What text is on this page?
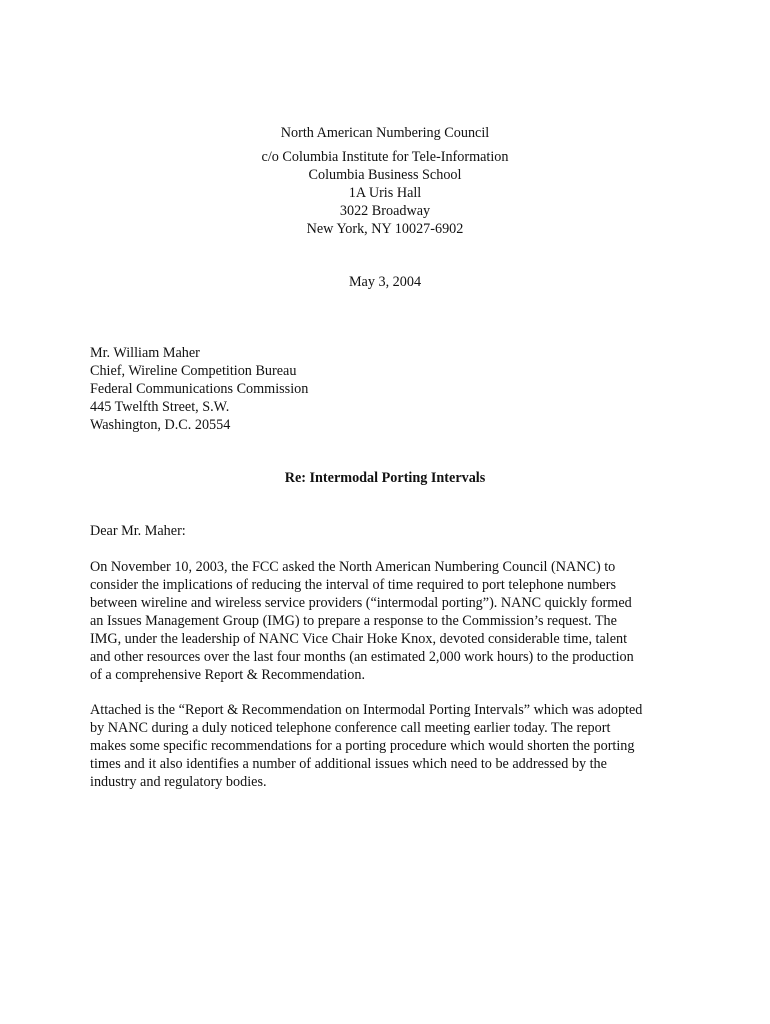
North American Numbering Council
c/o Columbia Institute for Tele-Information
Columbia Business School
1A Uris Hall
3022 Broadway
New York, NY 10027-6902
May 3, 2004
Mr. William Maher
Chief, Wireline Competition Bureau
Federal Communications Commission
445 Twelfth Street, S.W.
Washington, D.C. 20554
Re: Intermodal Porting Intervals
Dear Mr. Maher:
On November 10, 2003, the FCC asked the North American Numbering Council (NANC) to
consider the implications of reducing the interval of time required to port telephone numbers
between wireline and wireless service providers (“intermodal porting”). NANC quickly formed
an Issues Management Group (IMG) to prepare a response to the Commission’s request. The
IMG, under the leadership of NANC Vice Chair Hoke Knox, devoted considerable time, talent
and other resources over the last four months (an estimated 2,000 work hours) to the production
of a comprehensive Report & Recommendation.
Attached is the “Report & Recommendation on Intermodal Porting Intervals” which was adopted
by NANC during a duly noticed telephone conference call meeting earlier today. The report
makes some specific recommendations for a porting procedure which would shorten the porting
times and it also identifies a number of additional issues which need to be addressed by the
industry and regulatory bodies.
